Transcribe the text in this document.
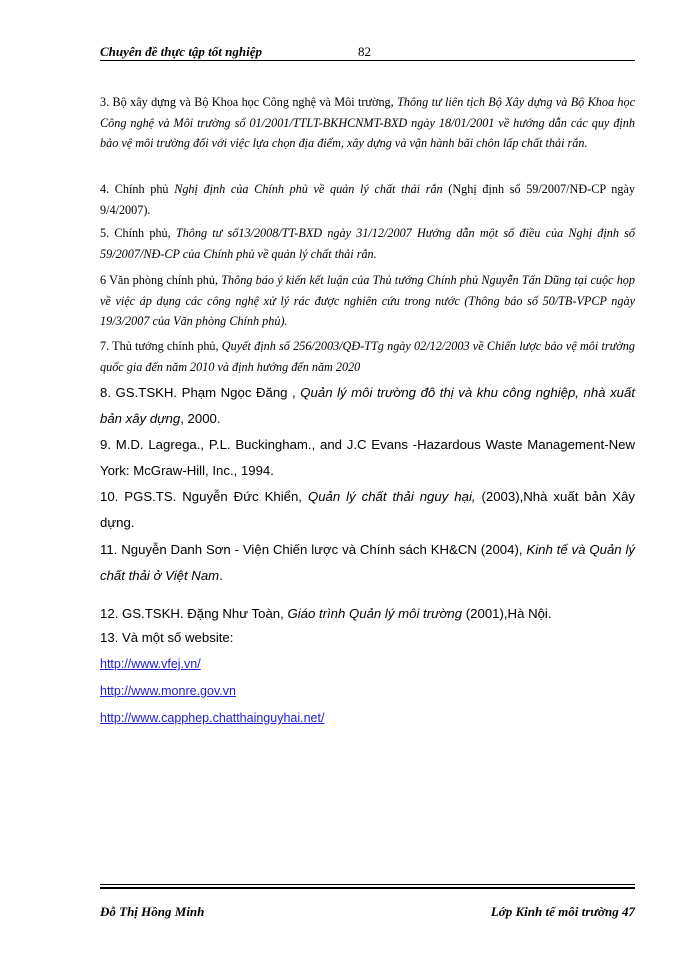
Chuyên đề thực tập tốt nghiệp	82
3. Bộ xây dựng và Bộ Khoa học Công nghệ và Môi trường, Thông tư liên tịch Bộ Xây dựng và Bộ Khoa học Công nghệ và Môi trường số 01/2001/TTLT-BKHCNMT-BXD ngày 18/01/2001 về hướng dẫn các quy định bảo vệ môi trường đối với việc lựa chọn địa điểm, xây dựng và vận hành bãi chôn lấp chất thải rắn.
4. Chính phủ Nghị định của Chính phủ về quản lý chất thải rắn (Nghị định số 59/2007/NĐ-CP ngày 9/4/2007).
5. Chính phủ, Thông tư số13/2008/TT-BXD ngày 31/12/2007 Hướng dẫn một số điều của Nghị định số 59/2007/NĐ-CP của Chính phủ về quản lý chất thải rắn.
6 Văn phòng chính phủ, Thông báo ý kiến kết luận của Thủ tướng Chính phủ Nguyễn Tấn Dũng tại cuộc họp về việc áp dụng các công nghệ xử lý rác được nghiên cứu trong nước (Thông báo số 50/TB-VPCP ngày 19/3/2007 của Văn phòng Chính phủ).
7. Thủ tướng chính phủ, Quyết định số 256/2003/QĐ-TTg ngày 02/12/2003 về Chiến lược bảo vệ môi trường quốc gia đến năm 2010 và định hướng đến năm 2020
8. GS.TSKH. Phạm Ngọc Đăng , Quản lý môi trường đô thị và khu công nghiệp, nhà xuất bản xây dựng, 2000.
9. M.D. Lagrega., P.L. Buckingham., and J.C Evans -Hazardous Waste Management-New York: McGraw-Hill, Inc., 1994.
10. PGS.TS. Nguyễn Đức Khiển, Quản lý chất thải nguy hại, (2003),Nhà xuất bản Xây dựng.
11. Nguyễn Danh Sơn - Viện Chiến lược và Chính sách KH&CN (2004), Kinh tế và Quản lý chất thải ở Việt Nam.
12. GS.TSKH. Đặng Như Toàn, Giáo trình Quản lý môi trường (2001),Hà Nội.
13. Và một số website:
http://www.vfej.vn/
http://www.monre.gov.vn
http://www.capphep.chatthainguyhai.net/
Đỗ Thị Hồng Minh	Lớp Kinh tế môi trường 47
